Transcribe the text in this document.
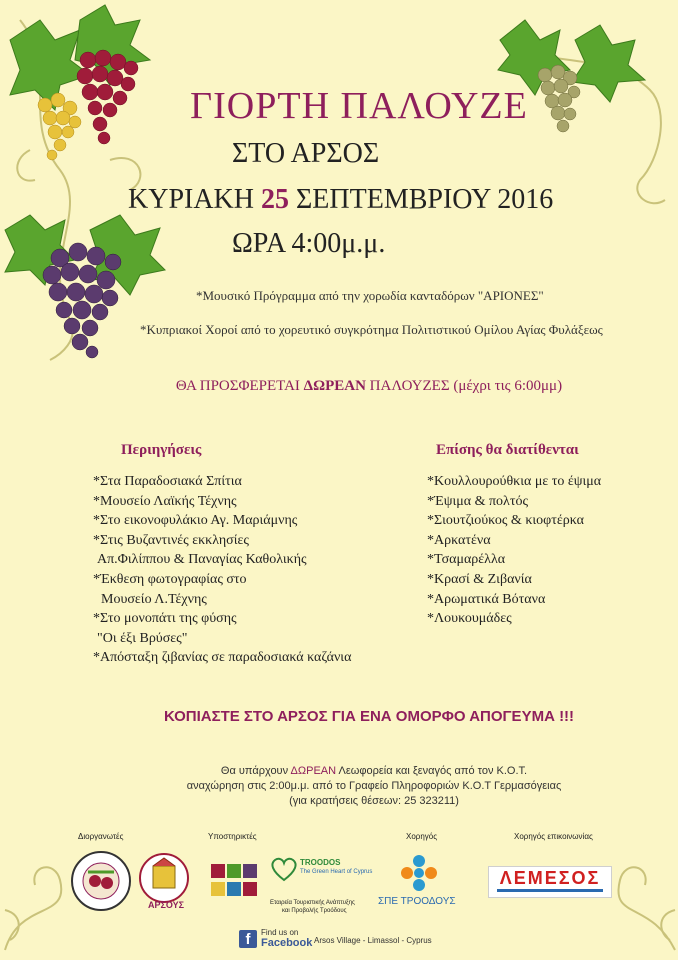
ΓΙΟΡΤΗ ΠΑΛΟΥΖΕ
ΣΤΟ ΑΡΣΟΣ
ΚΥΡΙΑΚΗ 25 ΣΕΠΤΕΜΒΡΙΟΥ 2016
ΩΡΑ 4:00μ.μ.
*Μουσικό Πρόγραμμα από την χορωδία κανταδόρων "ΑΡΙΟΝΕΣ"
*Κυπριακοί Χοροί από το χορευτικό συγκρότημα Πολιτιστικού Ομίλου Αγίας Φυλάξεως
ΘΑ ΠΡΟΣΦΕΡΕΤΑΙ ΔΩΡΕΑΝ ΠΑΛΟΥΖΕΣ (μέχρι τις 6:00μμ)
Περιηγήσεις
*Στα Παραδοσιακά Σπίτια
*Μουσείο Λαϊκής Τέχνης
*Στο εικονοφυλάκιο Αγ. Μαριάμνης
*Στις Βυζαντινές εκκλησίες
Απ.Φιλίππου & Παναγίας Καθολικής
*Έκθεση φωτογραφίας στο
Μουσείο Λ.Τέχνης
*Στο μονοπάτι της φύσης
"Οι έξι Βρύσες"
*Απόσταξη ζιβανίας σε παραδοσιακά καζάνια
Επίσης θα διατίθενται
*Κουλλουρούθκια με το έψιμα
*Έψιμα & πολτός
*Σιουτζιούκος & κιοφτέρκα
*Αρκατένα
*Τσαμαρέλλα
*Κρασί & Ζιβανία
*Αρωματικά Βότανα
*Λουκουμάδες
ΚΟΠΙΑΣΤΕ ΣΤΟ ΑΡΣΟΣ ΓΙΑ ΕΝΑ ΟΜΟΡΦΟ ΑΠΟΓΕΥΜΑ !!!
Θα υπάρχουν ΔΩΡΕΑΝ Λεωφορεία και ξεναγός από τον Κ.Ο.Τ.
αναχώρηση στις 2:00μ.μ. από το Γραφείο Πληροφοριών Κ.Ο.Τ Γερμασόγειας
(για κρατήσεις θέσεων: 25 323211)
Διοργανωτές	Υποστηρικτές	Χορηγός	Χορηγός επικοινωνίας
ΑΡΣΟΥΣ
TROODOS
The Green Heart of Cyprus
Εταιρεία Τουριστικής Ανάπτυξης
και Προβολής Τροόδους
ΣΠΕ ΤΡΟΟΔΟΥΣ
ΛΕΜΕΣΟΣ
f	Find us on
Facebook Arsos Village - Limassol - Cyprus
